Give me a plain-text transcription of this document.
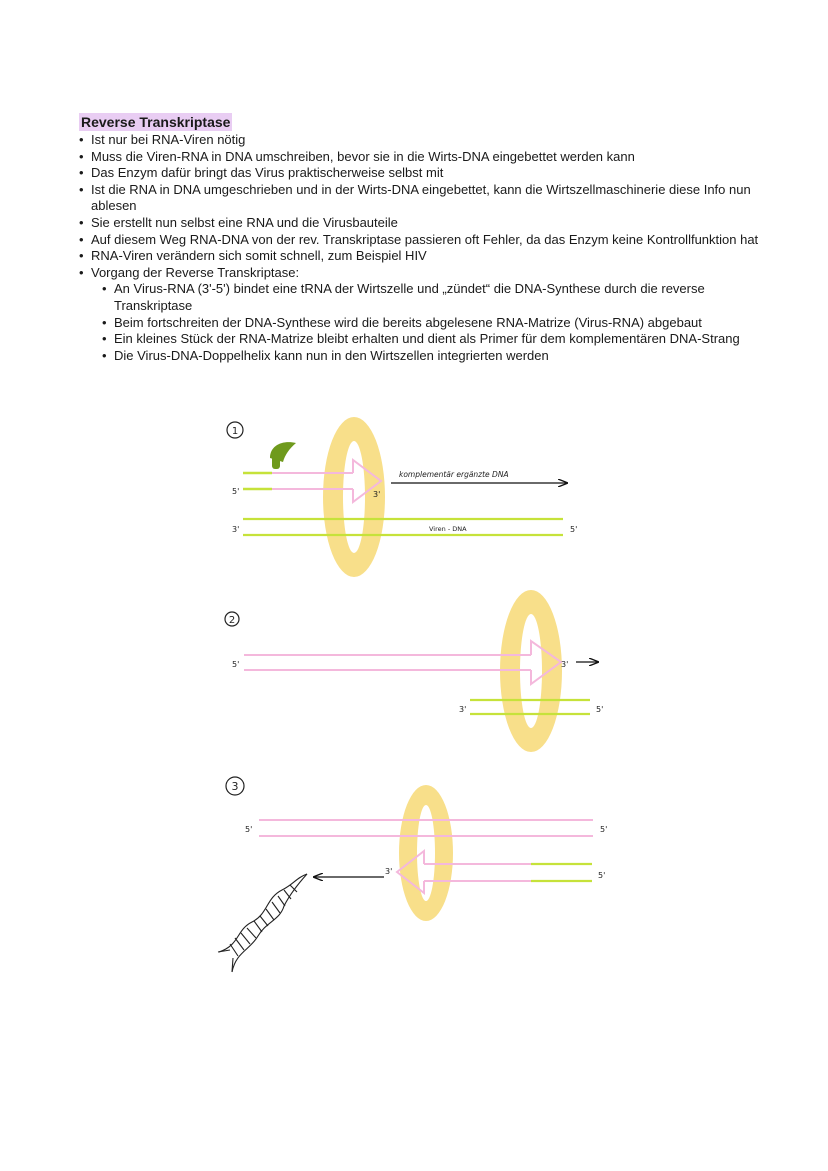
Reverse Transkriptase
• Ist nur bei RNA-Viren nötig
• Muss die Viren-RNA in DNA umschreiben, bevor sie in die Wirts-DNA eingebettet werden kann
• Das Enzym dafür bringt das Virus praktischerweise selbst mit
• Ist die RNA in DNA umgeschrieben und in der Wirts-DNA eingebettet, kann die Wirtszellmaschinerie diese Info nun ablesen
• Sie erstellt nun selbst eine RNA und die Virusbauteile
• Auf diesem Weg RNA-DNA von der rev. Transkriptase passieren oft Fehler, da das Enzym keine Kontrollfunktion hat
• RNA-Viren verändern sich somit schnell, zum Beispiel HIV
• Vorgang der Reverse Transkriptase:
• An Virus-RNA (3'-5') bindet eine tRNA der Wirtszelle und „zündet“ die DNA-Synthese durch die reverse Transkriptase
• Beim fortschreiten der DNA-Synthese wird die bereits abgelesene RNA-Matrize (Virus-RNA) abgebaut
• Ein kleines Stück der RNA-Matrize bleibt erhalten und dient als Primer für dem komplementären DNA-Strang
• Die Virus-DNA-Doppelhelix kann nun in den Wirtszellen integrierten werden
1
5'	3'
komplementär ergänzte DNA
3'	Viren - DNA	5'
2
5'	3'
3'	5'
3
5'	5'
3'	5'
